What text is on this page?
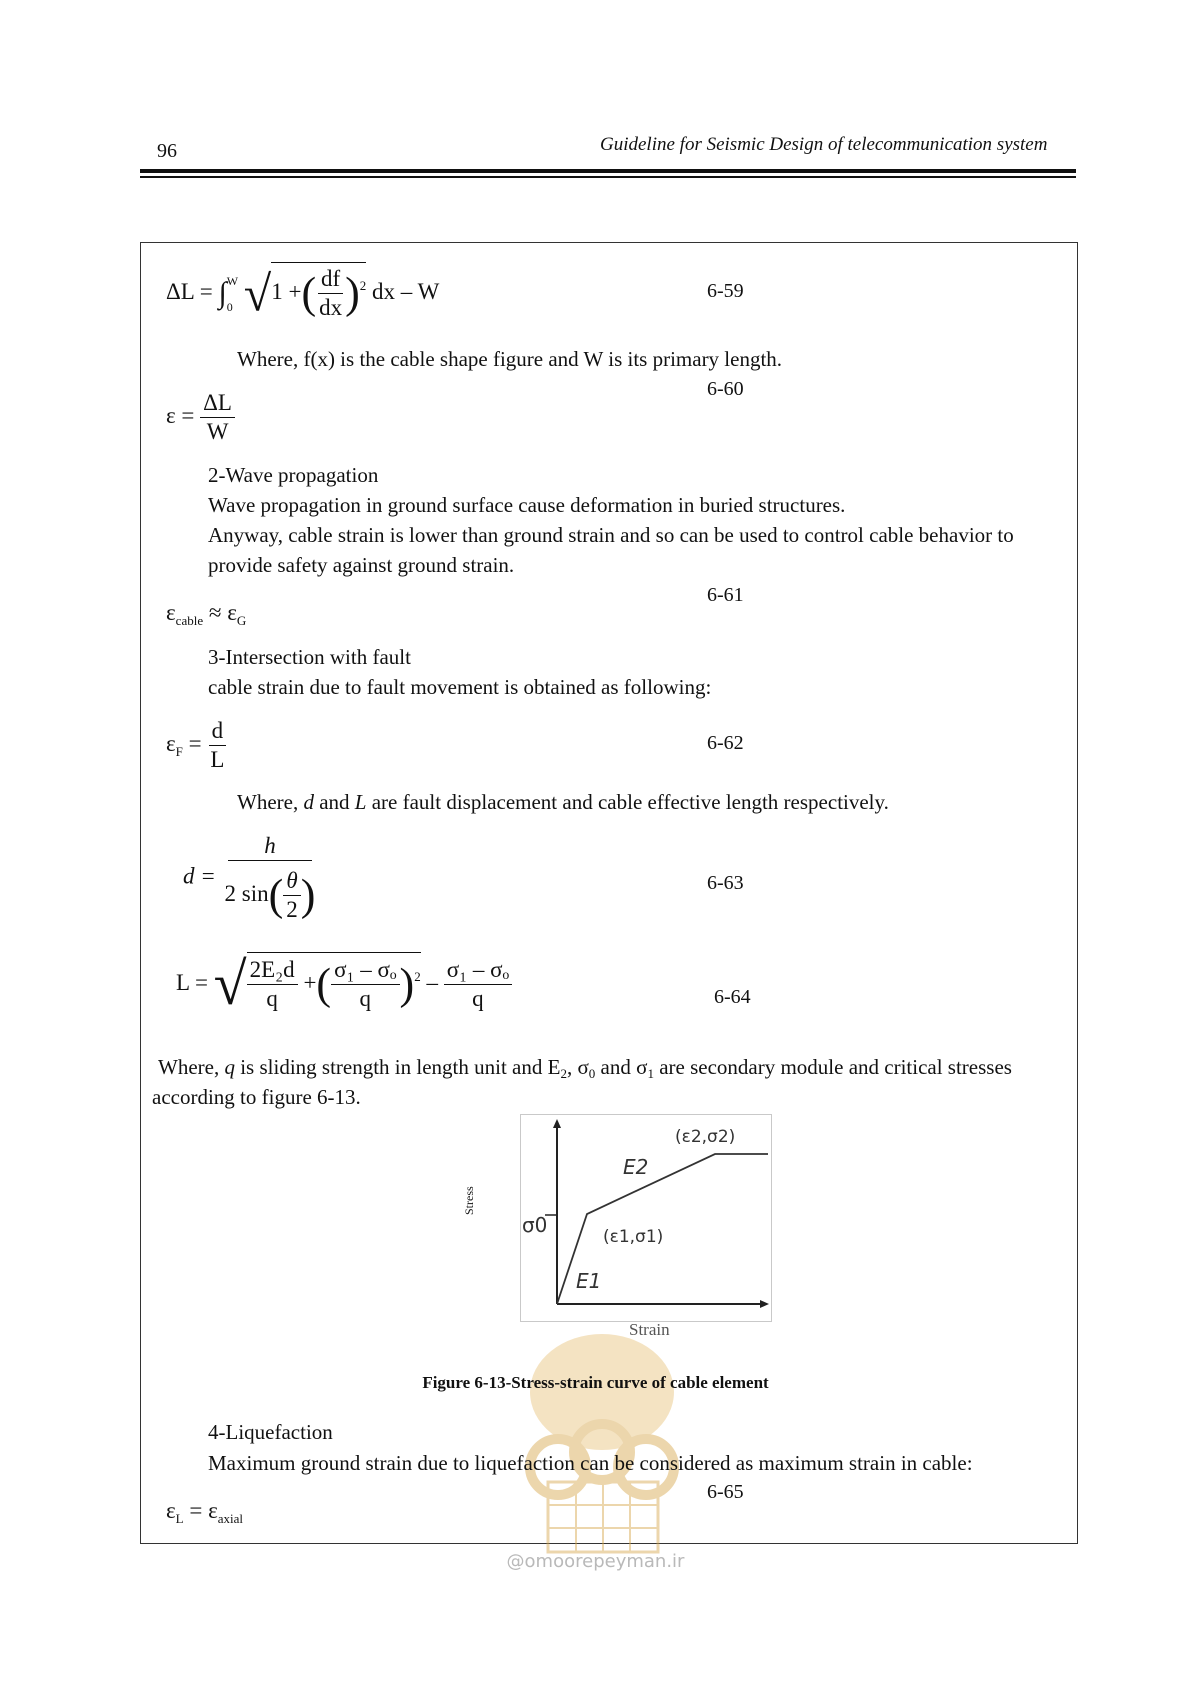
96	Guideline for Seismic Design of telecommunication system
ΔL = ∫ W
0 √1 +( $\frac{df}{dx} )^2$ dx – W	6-59
Where, f(x) is the cable shape figure and W is its primary length.
6-60
$\varepsilon = \frac{\Delta L}{W}$
2-Wave propagation
Wave propagation in ground surface cause deformation in buried structures.
Anyway, cable strain is lower than ground strain and so can be used to control cable behavior to
provide safety against ground strain.
6-61
$\varepsilon_{cable} \approx \varepsilon_G$
3-Intersection with fault
cable strain due to fault movement is obtained as following:
$\varepsilon_F = \frac{d}{L}$	6-62
Where, d and L are fault displacement and cable effective length respectively.
$d = \frac{h}{2 \sin( \frac{\theta}{2} )}$	6-63
L = √ $\frac{\text{2E₂d}}{q}$ +( $\frac{\text{σ₁ – σₒ}}{q} )^2 - \frac{\text{σ₁ – σₒ}}{q}$	6-64
Where, q is sliding strength in length unit and E2, σ0 and σ1 are secondary module and critical stresses
according to figure 6-13.
σ0
E1
E2
(ε1,σ1)
(ε2,σ2)
Stress
Strain
Figure 6-13-Stress-strain curve of cable element
4-Liquefaction
Maximum ground strain due to liquefaction can be considered as maximum strain in cable:
6-65
$\varepsilon_L = \varepsilon_{axial}$
@omoorepeyman.ir
